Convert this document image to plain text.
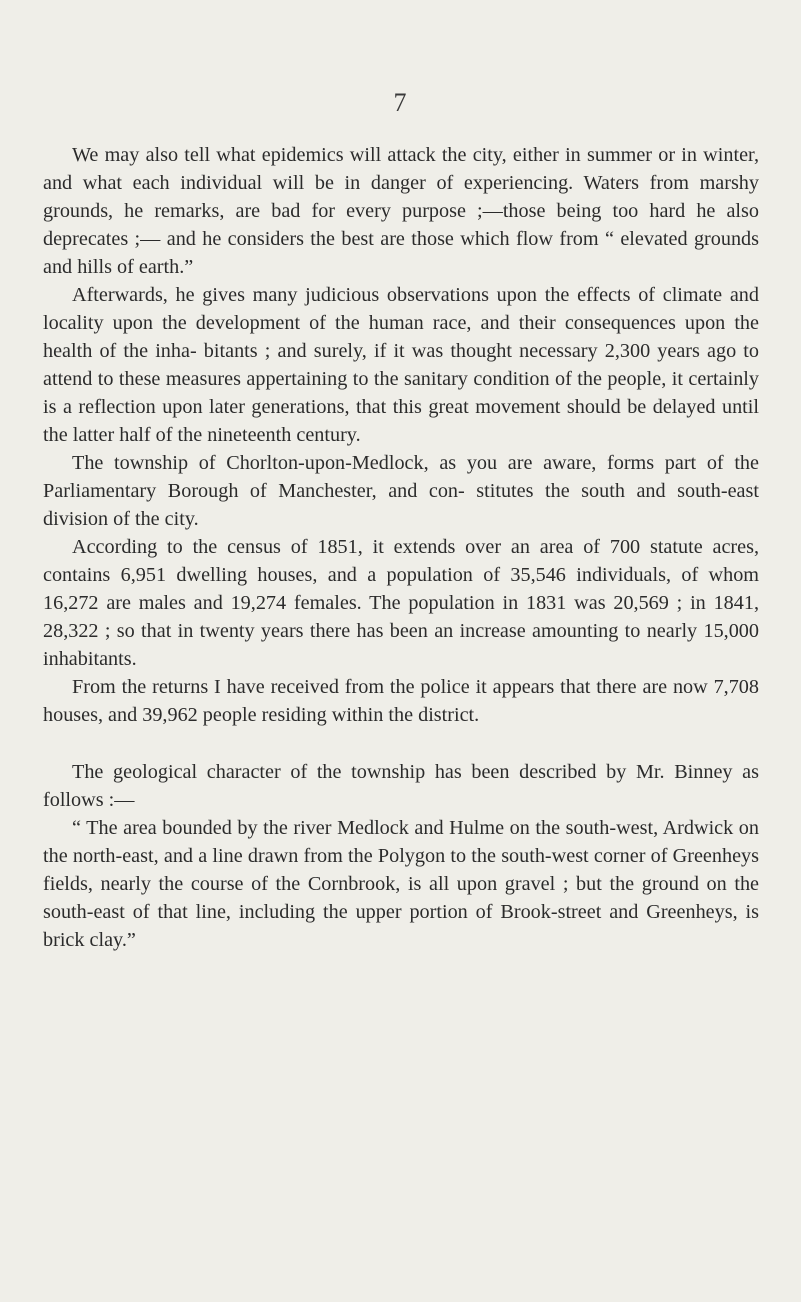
7

We may also tell what epidemics will attack the city, either in summer or in winter, and what each individual will be in danger of experiencing. Waters from marshy grounds, he remarks, are bad for every purpose ;—those being too hard he also deprecates ;— and he considers the best are those which flow from “ elevated grounds and hills of earth.”

Afterwards, he gives many judicious observations upon the effects of climate and locality upon the development of the human race, and their consequences upon the health of the inha- bitants ; and surely, if it was thought necessary 2,300 years ago to attend to these measures appertaining to the sanitary condition of the people, it certainly is a reflection upon later generations, that this great movement should be delayed until the latter half of the nineteenth century.

The township of Chorlton-upon-Medlock, as you are aware, forms part of the Parliamentary Borough of Manchester, and con- stitutes the south and south-east division of the city.

According to the census of 1851, it extends over an area of 700 statute acres, contains 6,951 dwelling houses, and a population of 35,546 individuals, of whom 16,272 are males and 19,274 females. The population in 1831 was 20,569 ; in 1841, 28,322 ; so that in twenty years there has been an increase amounting to nearly 15,000 inhabitants.

From the returns I have received from the police it appears that there are now 7,708 houses, and 39,962 people residing within the district.

The geological character of the township has been described by Mr. Binney as follows :—

“ The area bounded by the river Medlock and Hulme on the south-west, Ardwick on the north-east, and a line drawn from the Polygon to the south-west corner of Greenheys fields, nearly the course of the Cornbrook, is all upon gravel ; but the ground on the south-east of that line, including the upper portion of Brook-street and Greenheys, is brick clay.”
